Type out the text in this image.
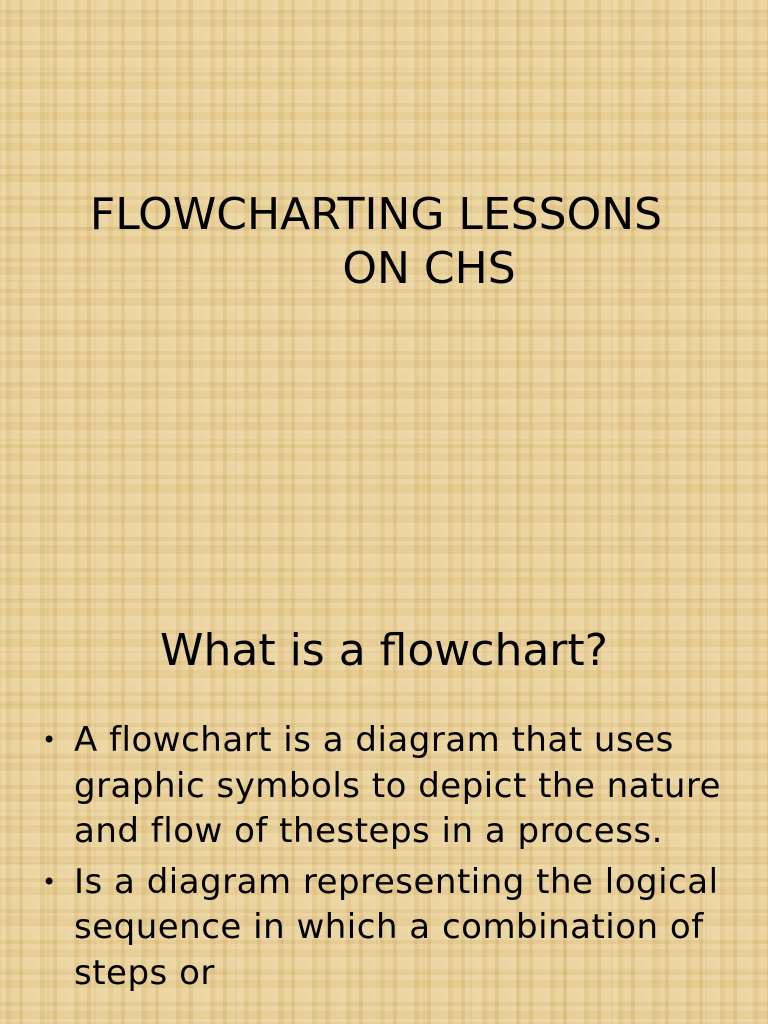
FLOWCHARTING LESSONS
ON CHS
What is a flowchart?
• A flowchart is a diagram that uses graphic symbols to depict the nature and flow of thesteps in a process.
• Is a diagram representing the logical sequence in which a combination of steps or
